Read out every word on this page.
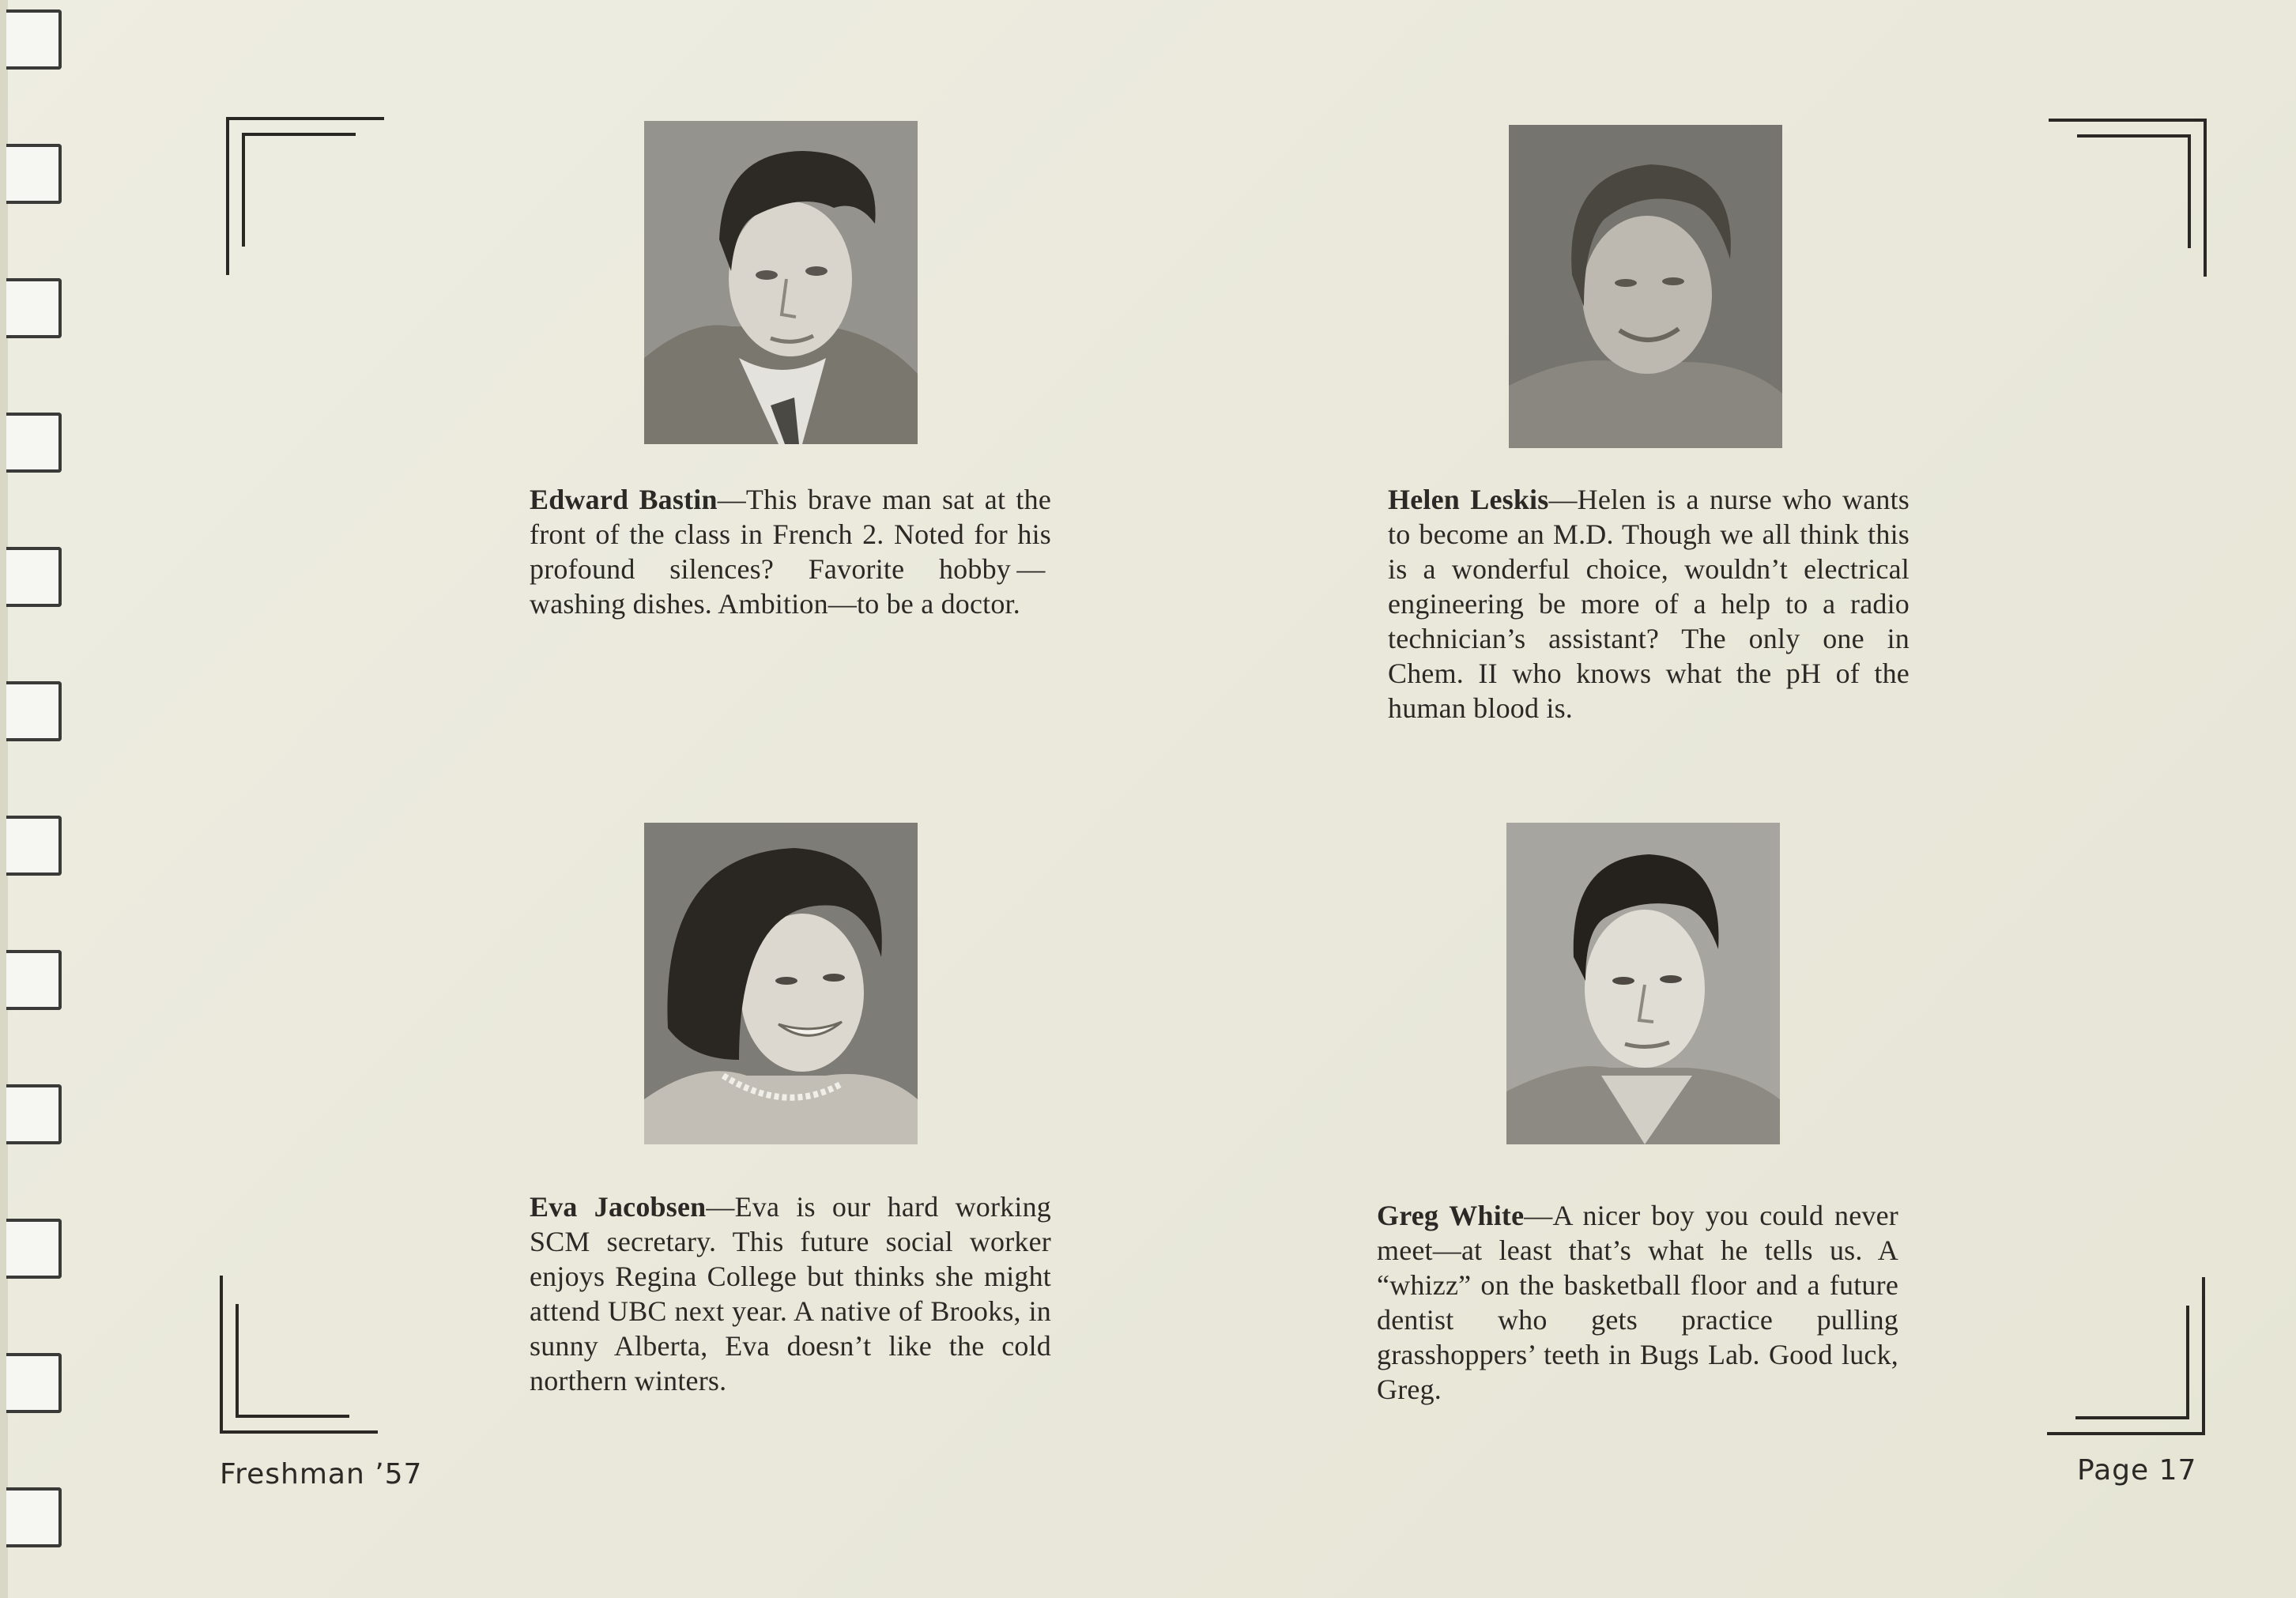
Edward Bastin—This brave man sat at the front of the class in French 2. Noted for his profound silences? Favorite hobby — washing dishes. Ambition—to be a doctor.
Helen Leskis—Helen is a nurse who wants to become an M.D. Though we all think this is a wonderful choice, wouldn’t electrical engineering be more of a help to a radio technician’s assistant? The only one in Chem. II who knows what the pH of the human blood is.
Eva Jacobsen—Eva is our hard working SCM secretary. This future social worker enjoys Regina College but thinks she might attend UBC next year. A native of Brooks, in sunny Alberta, Eva doesn’t like the cold northern winters.
Greg White—A nicer boy you could never meet—at least that’s what he tells us. A “whizz” on the basketball floor and a future dentist who gets practice pulling grasshoppers’ teeth in Bugs Lab. Good luck, Greg.
Freshman ’57	Page 17
